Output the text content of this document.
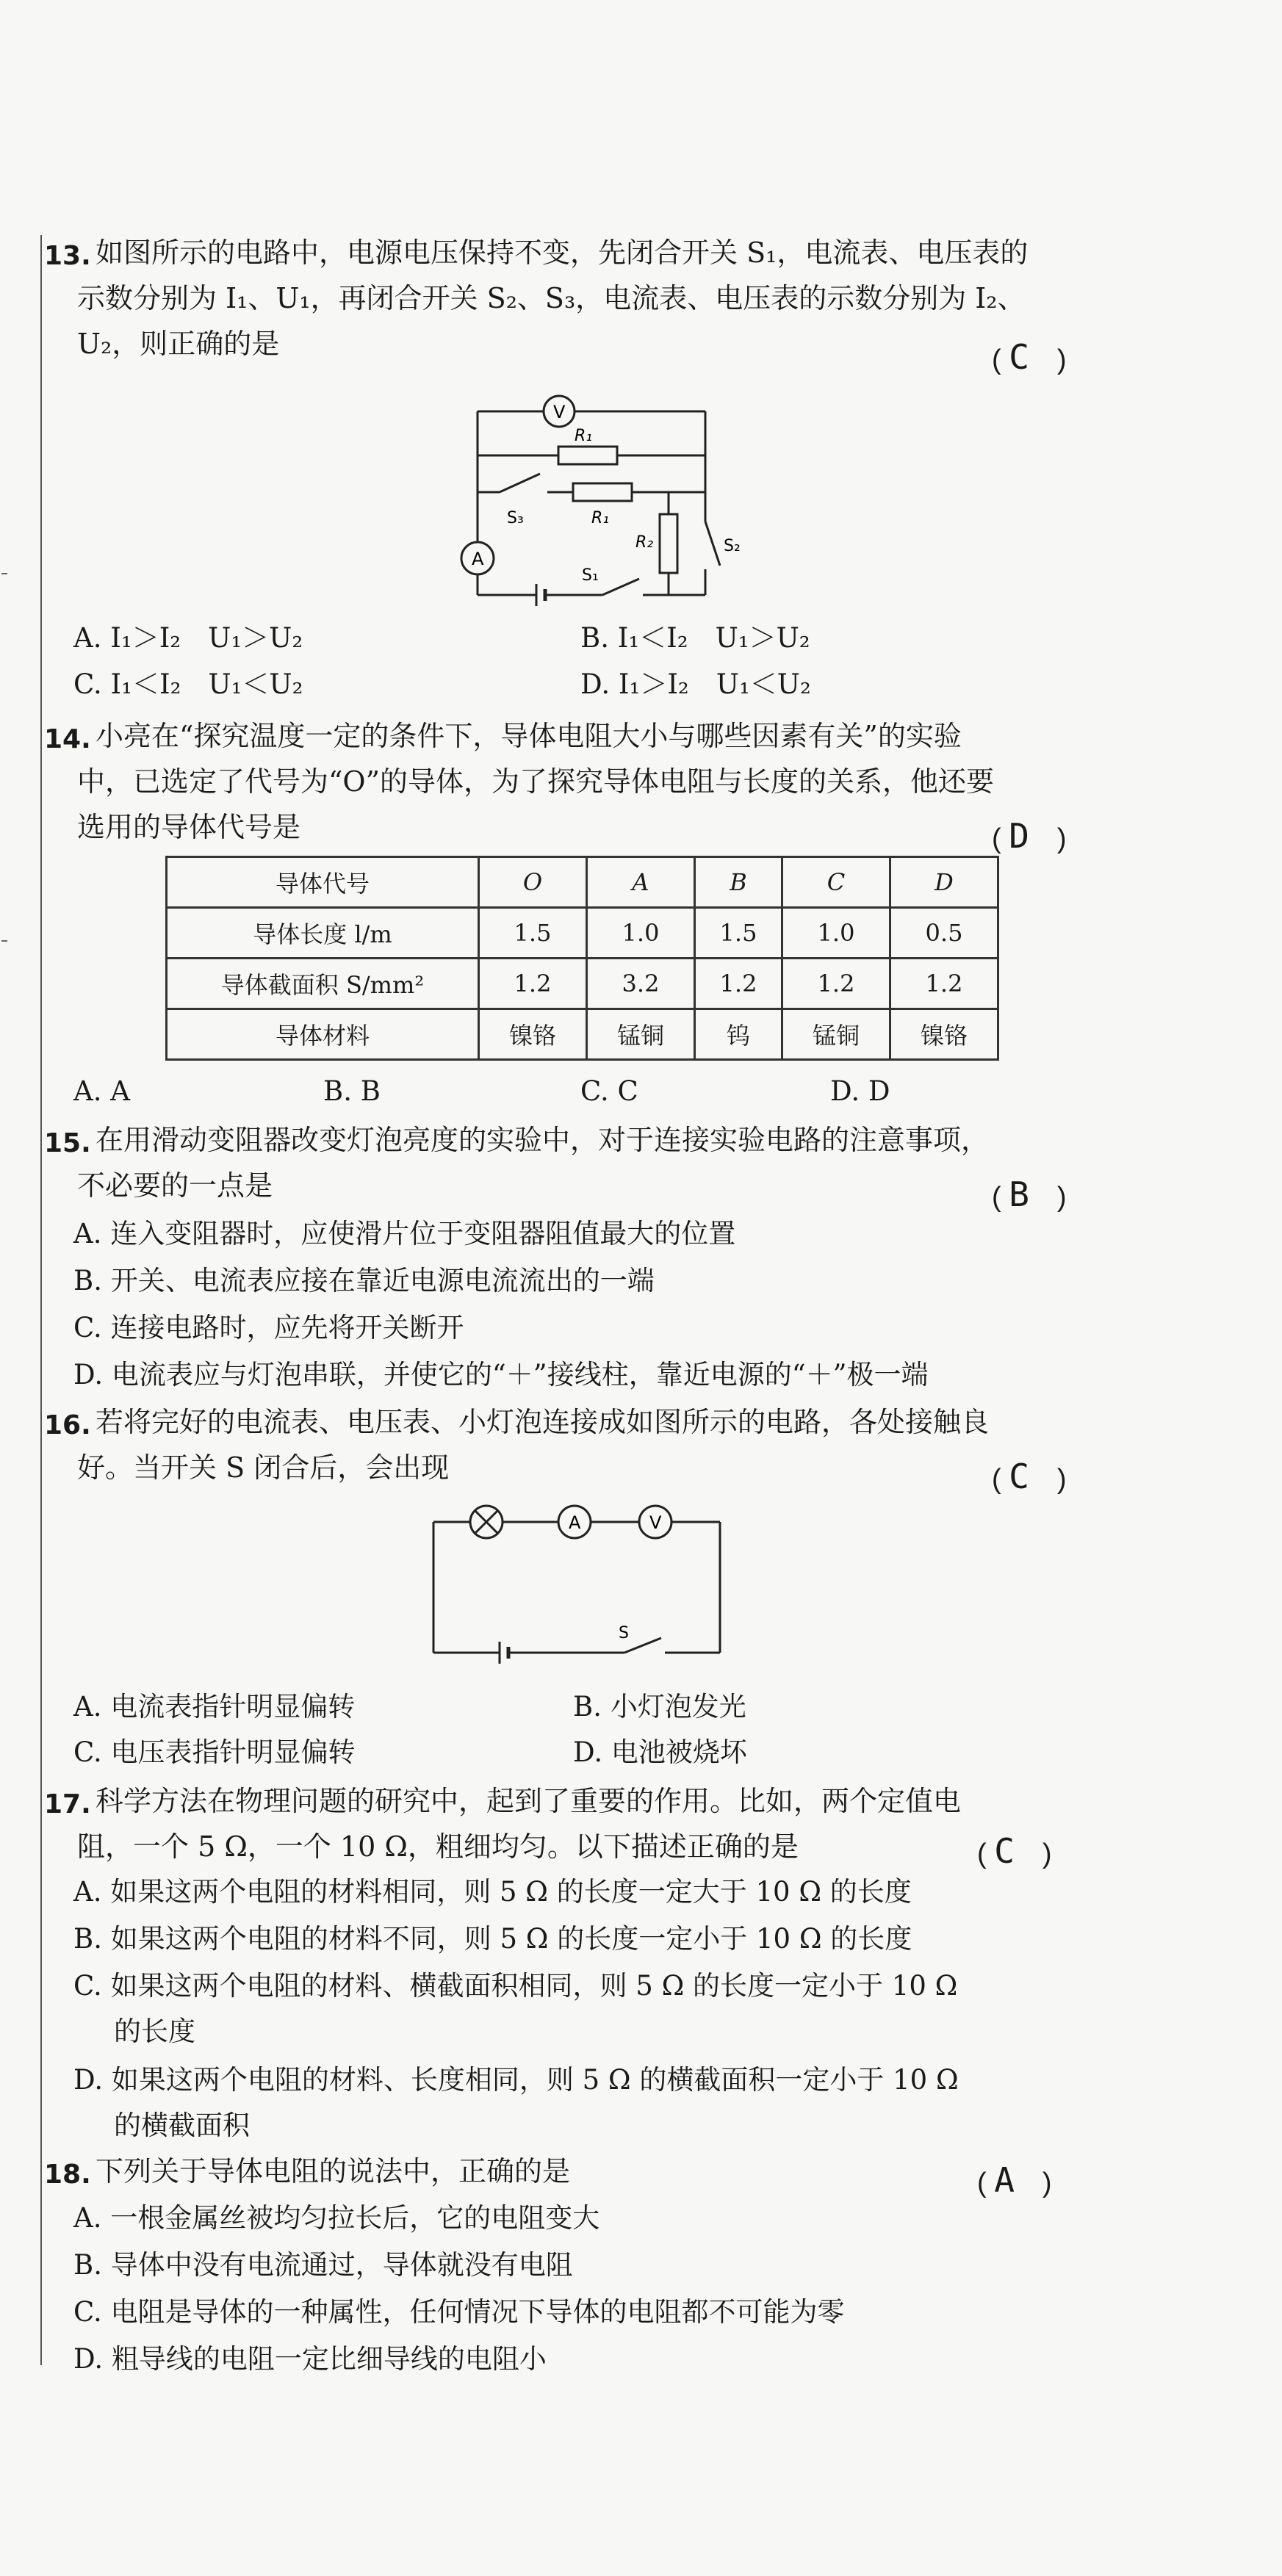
13. 如图所示的电路中，电源电压保持不变，先闭合开关 S₁，电流表、电压表的
示数分别为 I₁、U₁，再闭合开关 S₂、S₃，电流表、电压表的示数分别为 I₂、
U₂，则正确的是	( C　)
V
A
R₁
R₁
R₂
S₃
S₂
S₁
A. I₁＞I₂　U₁＞U₂	B. I₁＜I₂　U₁＞U₂
C. I₁＜I₂　U₁＜U₂	D. I₁＞I₂　U₁＜U₂
14. 小亮在“探究温度一定的条件下，导体电阻大小与哪些因素有关”的实验
中，已选定了代号为“O”的导体，为了探究导体电阻与长度的关系，他还要
选用的导体代号是	( D　)
导体代号	O	A	B	C	D
导体长度 l/m	1.5	1.0	1.5	1.0	0.5
导体截面积 S/mm²	1.2	3.2	1.2	1.2	1.2
导体材料	镍铬	锰铜	钨	锰铜	镍铬
A. A	B. B	C. C	D. D
15. 在用滑动变阻器改变灯泡亮度的实验中，对于连接实验电路的注意事项，
不必要的一点是	( B　)
A. 连入变阻器时，应使滑片位于变阻器阻值最大的位置
B. 开关、电流表应接在靠近电源电流流出的一端
C. 连接电路时，应先将开关断开
D. 电流表应与灯泡串联，并使它的“＋”接线柱，靠近电源的“＋”极一端
16. 若将完好的电流表、电压表、小灯泡连接成如图所示的电路，各处接触良
好。当开关 S 闭合后，会出现	( C　)
A	V
S
A. 电流表指针明显偏转	B. 小灯泡发光
C. 电压表指针明显偏转	D. 电池被烧坏
17. 科学方法在物理问题的研究中，起到了重要的作用。比如，两个定值电
阻，一个 5 Ω，一个 10 Ω，粗细均匀。以下描述正确的是	( C　)
A. 如果这两个电阻的材料相同，则 5 Ω 的长度一定大于 10 Ω 的长度
B. 如果这两个电阻的材料不同，则 5 Ω 的长度一定小于 10 Ω 的长度
C. 如果这两个电阻的材料、横截面积相同，则 5 Ω 的长度一定小于 10 Ω
的长度
D. 如果这两个电阻的材料、长度相同，则 5 Ω 的横截面积一定小于 10 Ω
的横截面积
18. 下列关于导体电阻的说法中，正确的是	( A　)
A. 一根金属丝被均匀拉长后，它的电阻变大
B. 导体中没有电流通过，导体就没有电阻
C. 电阻是导体的一种属性，任何情况下导体的电阻都不可能为零
D. 粗导线的电阻一定比细导线的电阻小
